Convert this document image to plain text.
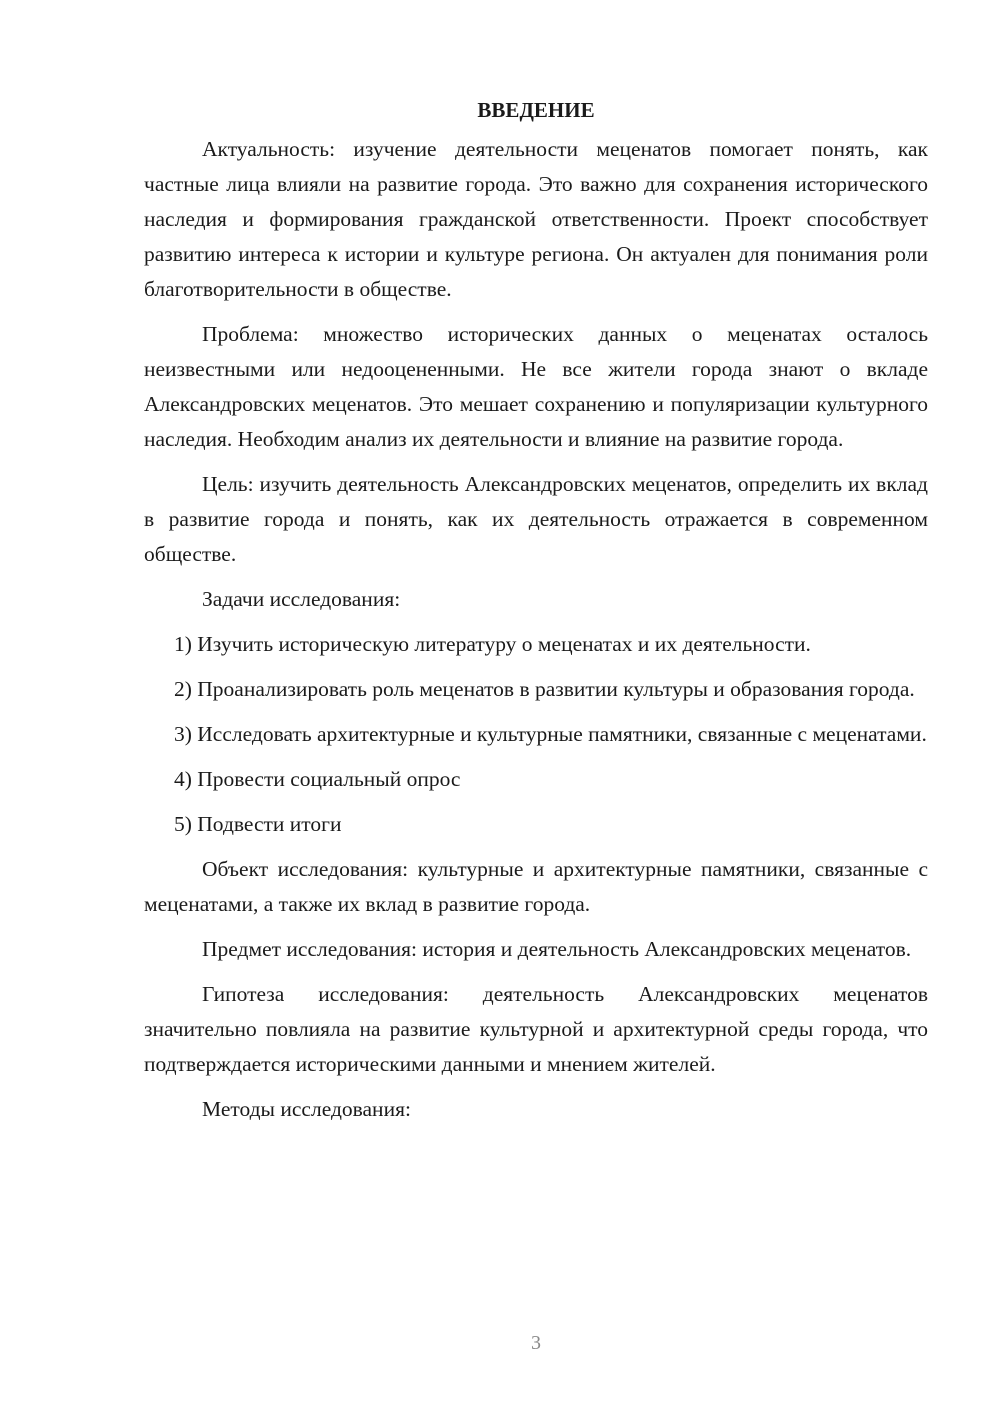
ВВЕДЕНИЕ

Актуальность: изучение деятельности меценатов помогает понять, как частные лица влияли на развитие города. Это важно для сохранения исторического наследия и формирования гражданской ответственности. Проект способствует развитию интереса к истории и культуре региона. Он актуален для понимания роли благотворительности в обществе.

Проблема: множество исторических данных о меценатах осталось неизвестными или недооцененными. Не все жители города знают о вкладе Александровских меценатов. Это мешает сохранению и популяризации культурного наследия. Необходим анализ их деятельности и влияние на развитие города.

Цель: изучить деятельность Александровских меценатов, определить их вклад в развитие города и понять, как их деятельность отражается в современном обществе.

Задачи исследования:

1) Изучить историческую литературу о меценатах и их деятельности.

2) Проанализировать роль меценатов в развитии культуры и образования города.

3) Исследовать архитектурные и культурные памятники, связанные с меценатами.

4) Провести социальный опрос

5) Подвести итоги

Объект исследования: культурные и архитектурные памятники, связанные с меценатами, а также их вклад в развитие города.

Предмет исследования: история и деятельность Александровских меценатов.

Гипотеза исследования: деятельность Александровских меценатов значительно повлияла на развитие культурной и архитектурной среды города, что подтверждается историческими данными и мнением жителей.

Методы исследования:

3
